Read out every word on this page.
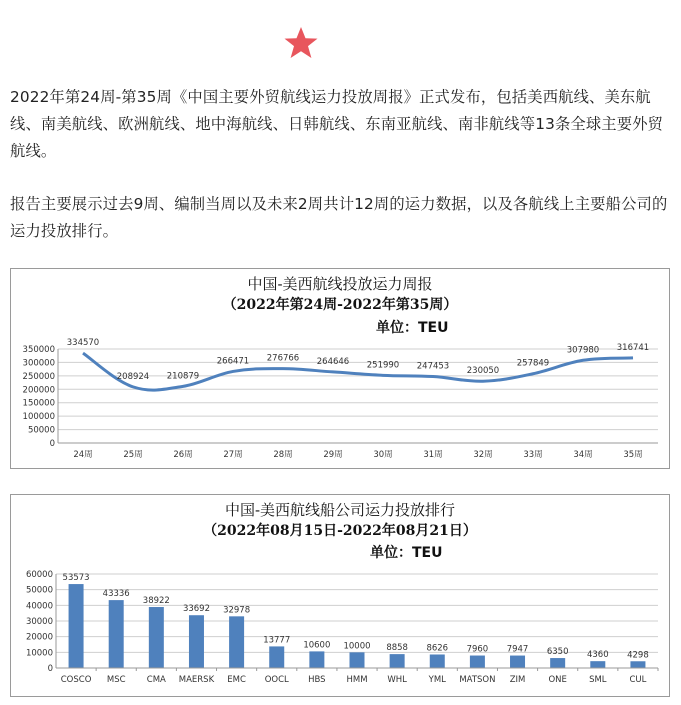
2022年第24周-第35周《中国主要外贸航线运力投放周报》正式发布，包括美西航线、美东航线、南美航线、欧洲航线、地中海航线、日韩航线、东南亚航线、南非航线等13条全球主要外贸航线。

报告主要展示过去9周、编制当周以及未来2周共计12周的运力数据，以及各航线上主要船公司的运力投放排行。

中国-美西航线投放运力周报
（2022年第24周-2022年第35周）
单位：TEU
350000
300000
250000
200000
150000
100000
50000
0
334570
24周
208924
25周
210879
26周
266471
27周
276766
28周
264646
29周
251990
30周
247453
31周
230050
32周
257849
33周
307980
34周
316741
35周
中国-美西航线船公司运力投放排行
（2022年08月15日-2022年08月21日）
单位：TEU
60000
50000
40000
30000
20000
10000
0
53573
COSCO
43336
MSC
38922
CMA
33692
MAERSK
32978
EMC
13777
OOCL
10600
HBS
10000
HMM
8858
WHL
8626
YML
7960
MATSON
7947
ZIM
6350
ONE
4360
SML
4298
CUL
